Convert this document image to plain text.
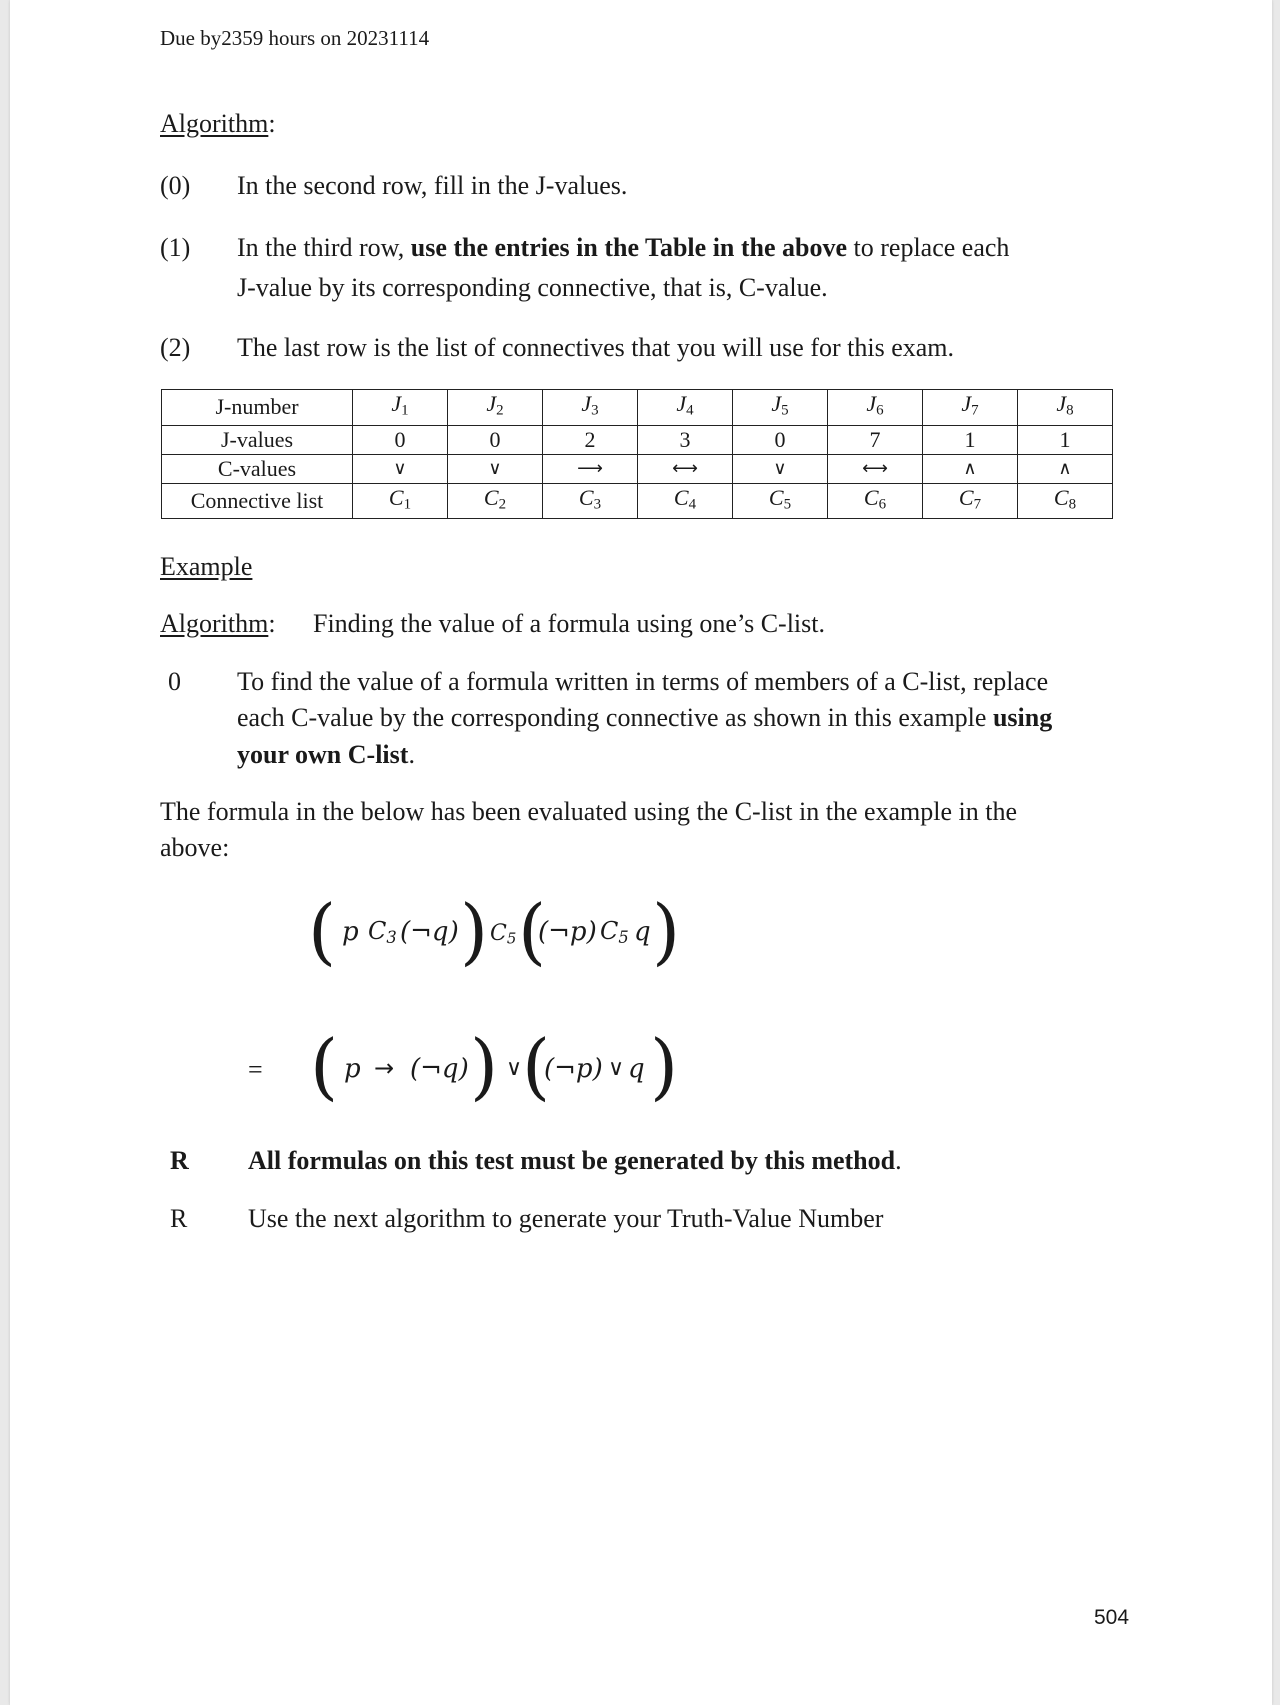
Due by2359 hours on 20231114
Algorithm:
(0) In the second row, fill in the J-values.
(1) In the third row, use the entries in the Table in the above to replace each
J-value by its corresponding connective, that is, C-value.
(2) The last row is the list of connectives that you will use for this exam.
J-number	$J_1$	$J_2$	$J_3$	$J_4$	$J_5$	$J_6$	$J_7$	$J_8$
J-values	0	0	2	3	0	7	1	1
C-values	∨	∨	⟶	⟷	∨	⟷	∧	∧
Connective list	$C_1$	$C_2$	$C_3$	$C_4$	$C_5$	$C_6$	$C_7$	$C_8$
Example
Algorithm: Finding the value of a formula using one’s C-list.
0 To find the value of a formula written in terms of members of a C-list, replace
each C-value by the corresponding connective as shown in this example using
your own C-list.
The formula in the below has been evaluated using the C-list in the example in the
above:
( p $C_3$ (¬q) ) $C_5$ (
(¬p) $C_5$ q )
= ( p → (¬q) ) ∨ (
(¬p) ∨ q )
R All formulas on this test must be generated by this method.
R Use the next algorithm to generate your Truth-Value Number
504
